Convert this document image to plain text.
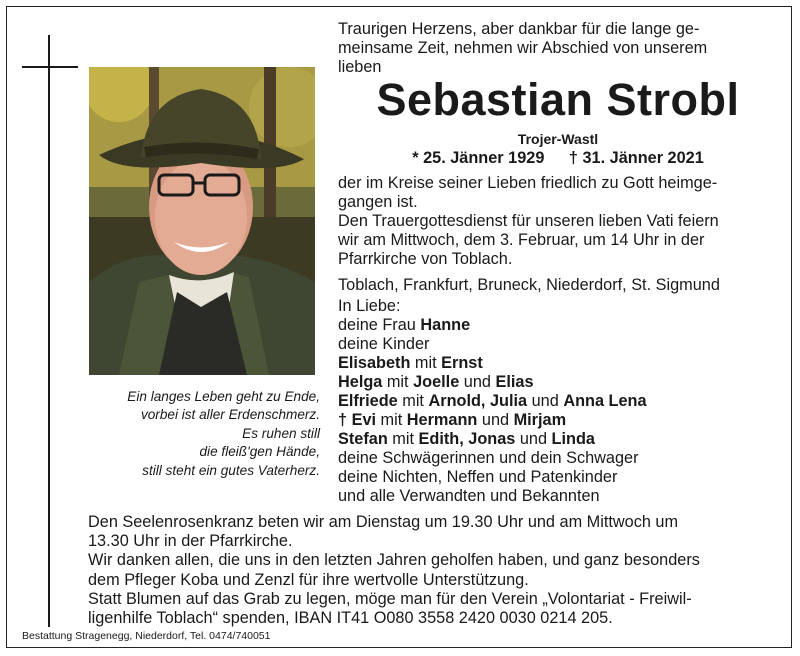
Ein langes Leben geht zu Ende,
vorbei ist aller Erdenschmerz.
Es ruhen still
die fleiß'gen Hände,
still steht ein gutes Vaterherz.
Traurigen Herzens, aber dankbar für die lange ge-
meinsame Zeit, nehmen wir Abschied von unserem
lieben
Sebastian Strobl
Trojer-Wastl
* 25. Jänner 1929 † 31. Jänner 2021
der im Kreise seiner Lieben friedlich zu Gott heimge-
gangen ist.
Den Trauergottesdienst für unseren lieben Vati feiern
wir am Mittwoch, dem 3. Februar, um 14 Uhr in der
Pfarrkirche von Toblach.
Toblach, Frankfurt, Bruneck, Niederdorf, St. Sigmund
In Liebe:
deine Frau Hanne
deine Kinder
Elisabeth mit Ernst
Helga mit Joelle und Elias
Elfriede mit Arnold, Julia und Anna Lena
† Evi mit Hermann und Mirjam
Stefan mit Edith, Jonas und Linda
deine Schwägerinnen und dein Schwager
deine Nichten, Neffen und Patenkinder
und alle Verwandten und Bekannten
Den Seelenrosenkranz beten wir am Dienstag um 19.30 Uhr und am Mittwoch um
13.30 Uhr in der Pfarrkirche.
Wir danken allen, die uns in den letzten Jahren geholfen haben, und ganz besonders
dem Pfleger Koba und Zenzl für ihre wertvolle Unterstützung.
Statt Blumen auf das Grab zu legen, möge man für den Verein „Volontariat - Freiwil-
ligenhilfe Toblach“ spenden, IBAN IT41 O080 3558 2420 0030 0214 205.
Bestattung Stragenegg, Niederdorf, Tel. 0474/740051
